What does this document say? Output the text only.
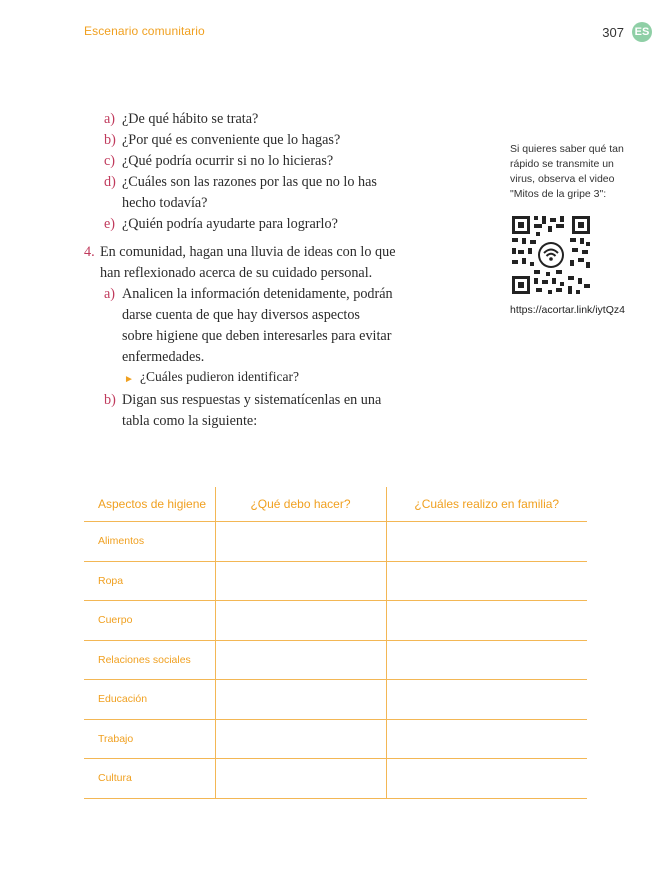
Escenario comunitario	307 ES
a) ¿De qué hábito se trata?
b) ¿Por qué es conveniente que lo hagas?
c) ¿Qué podría ocurrir si no lo hicieras?
d) ¿Cuáles son las razones por las que no lo has
hecho todavía?
e) ¿Quién podría ayudarte para lograrlo?
4. En comunidad, hagan una lluvia de ideas con lo que
han reflexionado acerca de su cuidado personal.
a) Analicen la información detenidamente, podrán
darse cuenta de que hay diversos aspectos
sobre higiene que deben interesarles para evitar
enfermedades.
► ¿Cuáles pudieron identificar?
b) Digan sus respuestas y sistematícenlas en una
tabla como la siguiente:
Si quieres saber qué tan rápido se transmite un virus, observa el video "Mitos de la gripe 3":
https://acortar.link/iytQz4
Aspectos de higiene	¿Qué debo hacer?	¿Cuáles realizo en familia?
Alimentos		
Ropa		
Cuerpo		
Relaciones sociales		
Educación		
Trabajo		
Cultura		
